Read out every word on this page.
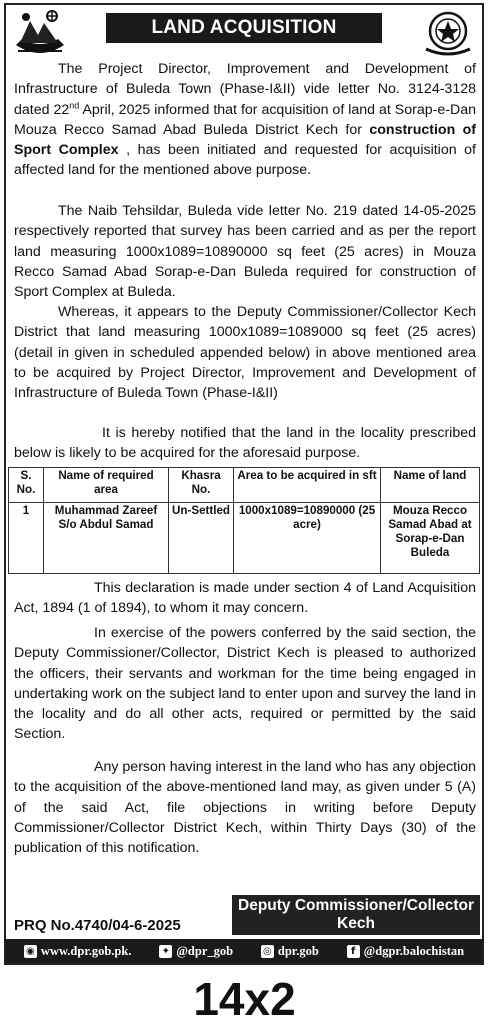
LAND ACQUISITION

The Project Director, Improvement and Development of Infrastructure of Buleda Town (Phase-I&II) vide letter No. 3124-3128 dated 22nd April, 2025 informed that for acquisition of land at Sorap-e-Dan Mouza Recco Samad Abad Buleda District Kech for construction of Sport Complex , has been initiated and requested for acquisition of affected land for the mentioned above purpose.

The Naib Tehsildar, Buleda vide letter No. 219 dated 14-05-2025 respectively reported that survey has been carried and as per the report land measuring 1000x1089=10890000 sq feet (25 acres) in Mouza Recco Samad Abad Sorap-e-Dan Buleda required for construction of Sport Complex at Buleda.

Whereas, it appears to the Deputy Commissioner/Collector Kech District that land measuring 1000x1089=1089000 sq feet (25 acres) (detail in given in scheduled appended below) in above mentioned area to be acquired by Project Director, Improvement and Development of Infrastructure of Buleda Town (Phase-I&II)

It is hereby notified that the land in the locality prescribed below is likely to be acquired for the aforesaid purpose.

S. No.	Name of required area	Khasra No.	Area to be acquired in sft	Name of land
1	Muhammad Zareef S/o Abdul Samad	Un-Settled	1000x1089=10890000 (25 acre)	Mouza Recco Samad Abad at Sorap-e-Dan Buleda

This declaration is made under section 4 of Land Acquisition Act, 1894 (1 of 1894), to whom it may concern.

In exercise of the powers conferred by the said section, the Deputy Commissioner/Collector, District Kech is pleased to authorized the officers, their servants and workman for the time being engaged in undertaking work on the subject land to enter upon and survey the land in the locality and do all other acts, required or permitted by the said Section.

Any person having interest in the land who has any objection to the acquisition of the above-mentioned land may, as given under 5 (A) of the said Act, file objections in writing before Deputy Commissioner/Collector District Kech, within Thirty Days (30) of the publication of this notification.

Deputy Commissioner/Collector
Kech
PRQ No.4740/04-6-2025
◉ www.dpr.gob.pk.	✦ @dpr_gob	◎ dpr.gob	f @dgpr.balochistan
14x2
